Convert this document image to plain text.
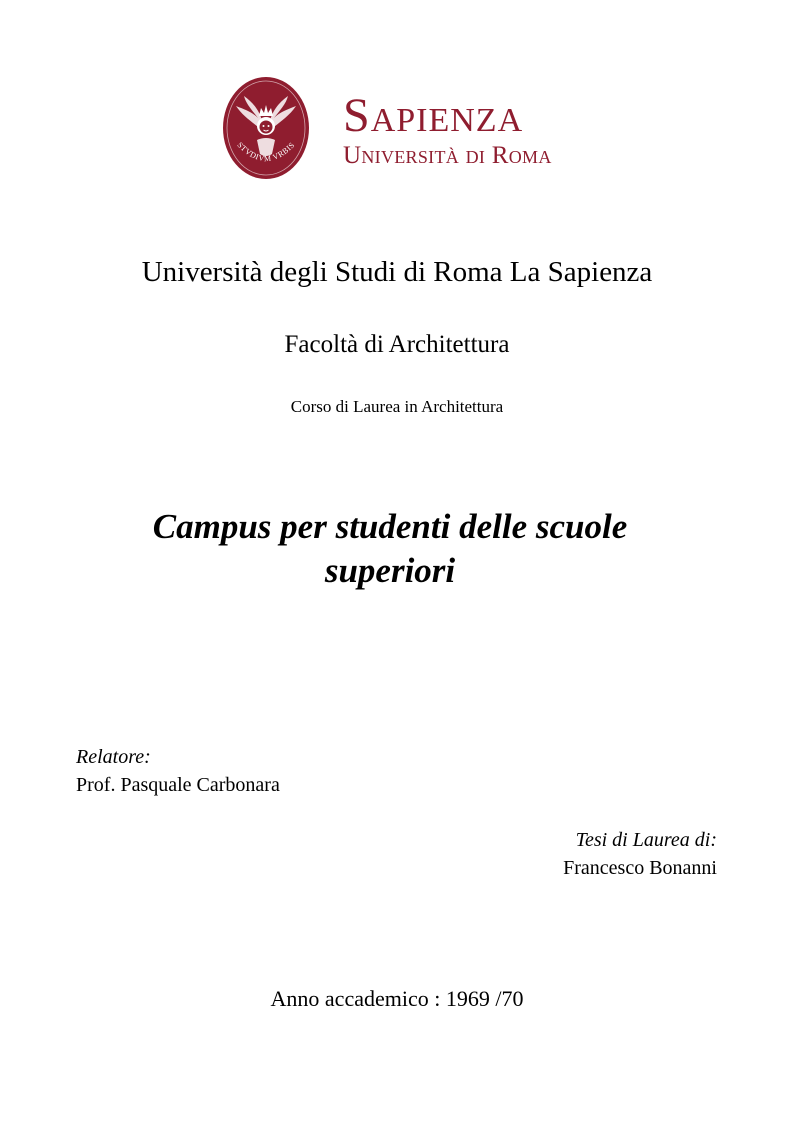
STVDIVM VRBIS
Sapienza
Università di Roma
Università degli Studi di Roma La Sapienza
Facoltà di Architettura
Corso di Laurea in Architettura
Campus per studenti delle scuole superiori
Relatore:
Prof. Pasquale Carbonara
Tesi di Laurea di:
Francesco Bonanni
Anno accademico : 1969 /70
